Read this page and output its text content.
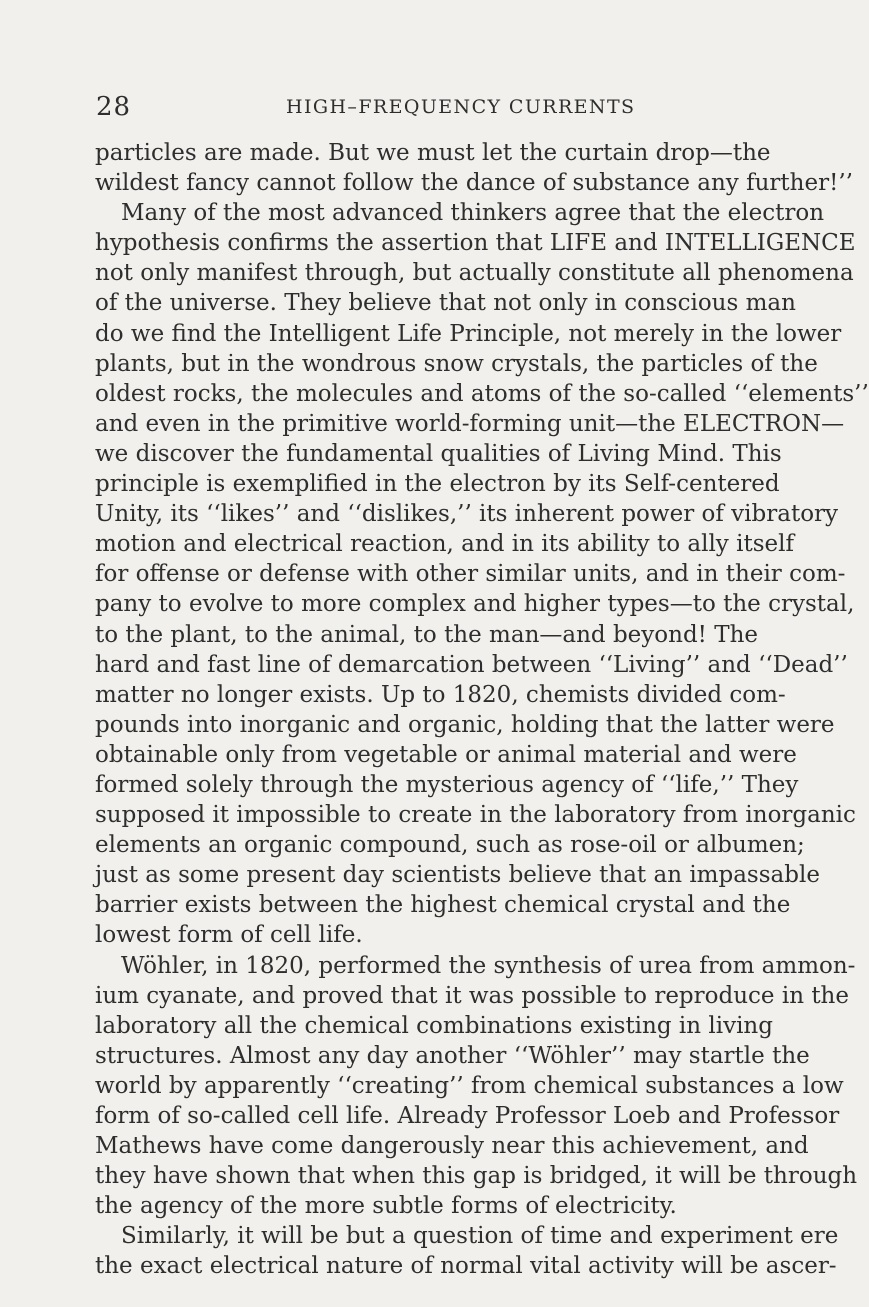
28	HIGH–FREQUENCY CURRENTS
particles are made. But we must let the curtain drop—the
wildest fancy cannot follow the dance of substance any further!’’
Many of the most advanced thinkers agree that the electron
hypothesis confirms the assertion that LIFE and INTELLIGENCE
not only manifest through, but actually constitute all phenomena
of the universe. They believe that not only in conscious man
do we find the Intelligent Life Principle, not merely in the lower
plants, but in the wondrous snow crystals, the particles of the
oldest rocks, the molecules and atoms of the so-called ‘‘elements’’
and even in the primitive world-forming unit—the ELECTRON—
we discover the fundamental qualities of Living Mind. This
principle is exemplified in the electron by its Self-centered
Unity, its ‘‘likes’’ and ‘‘dislikes,’’ its inherent power of vibratory
motion and electrical reaction, and in its ability to ally itself
for offense or defense with other similar units, and in their com-
pany to evolve to more complex and higher types—to the crystal,
to the plant, to the animal, to the man—and beyond! The
hard and fast line of demarcation between ‘‘Living’’ and ‘‘Dead’’
matter no longer exists. Up to 1820, chemists divided com-
pounds into inorganic and organic, holding that the latter were
obtainable only from vegetable or animal material and were
formed solely through the mysterious agency of ‘‘life,’’ They
supposed it impossible to create in the laboratory from inorganic
elements an organic compound, such as rose-oil or albumen;
just as some present day scientists believe that an impassable
barrier exists between the highest chemical crystal and the
lowest form of cell life.
Wöhler, in 1820, performed the synthesis of urea from ammon-
ium cyanate, and proved that it was possible to reproduce in the
laboratory all the chemical combinations existing in living
structures. Almost any day another ‘‘Wöhler’’ may startle the
world by apparently ‘‘creating’’ from chemical substances a low
form of so-called cell life. Already Professor Loeb and Professor
Mathews have come dangerously near this achievement, and
they have shown that when this gap is bridged, it will be through
the agency of the more subtle forms of electricity.
Similarly, it will be but a question of time and experiment ere
the exact electrical nature of normal vital activity will be ascer-
